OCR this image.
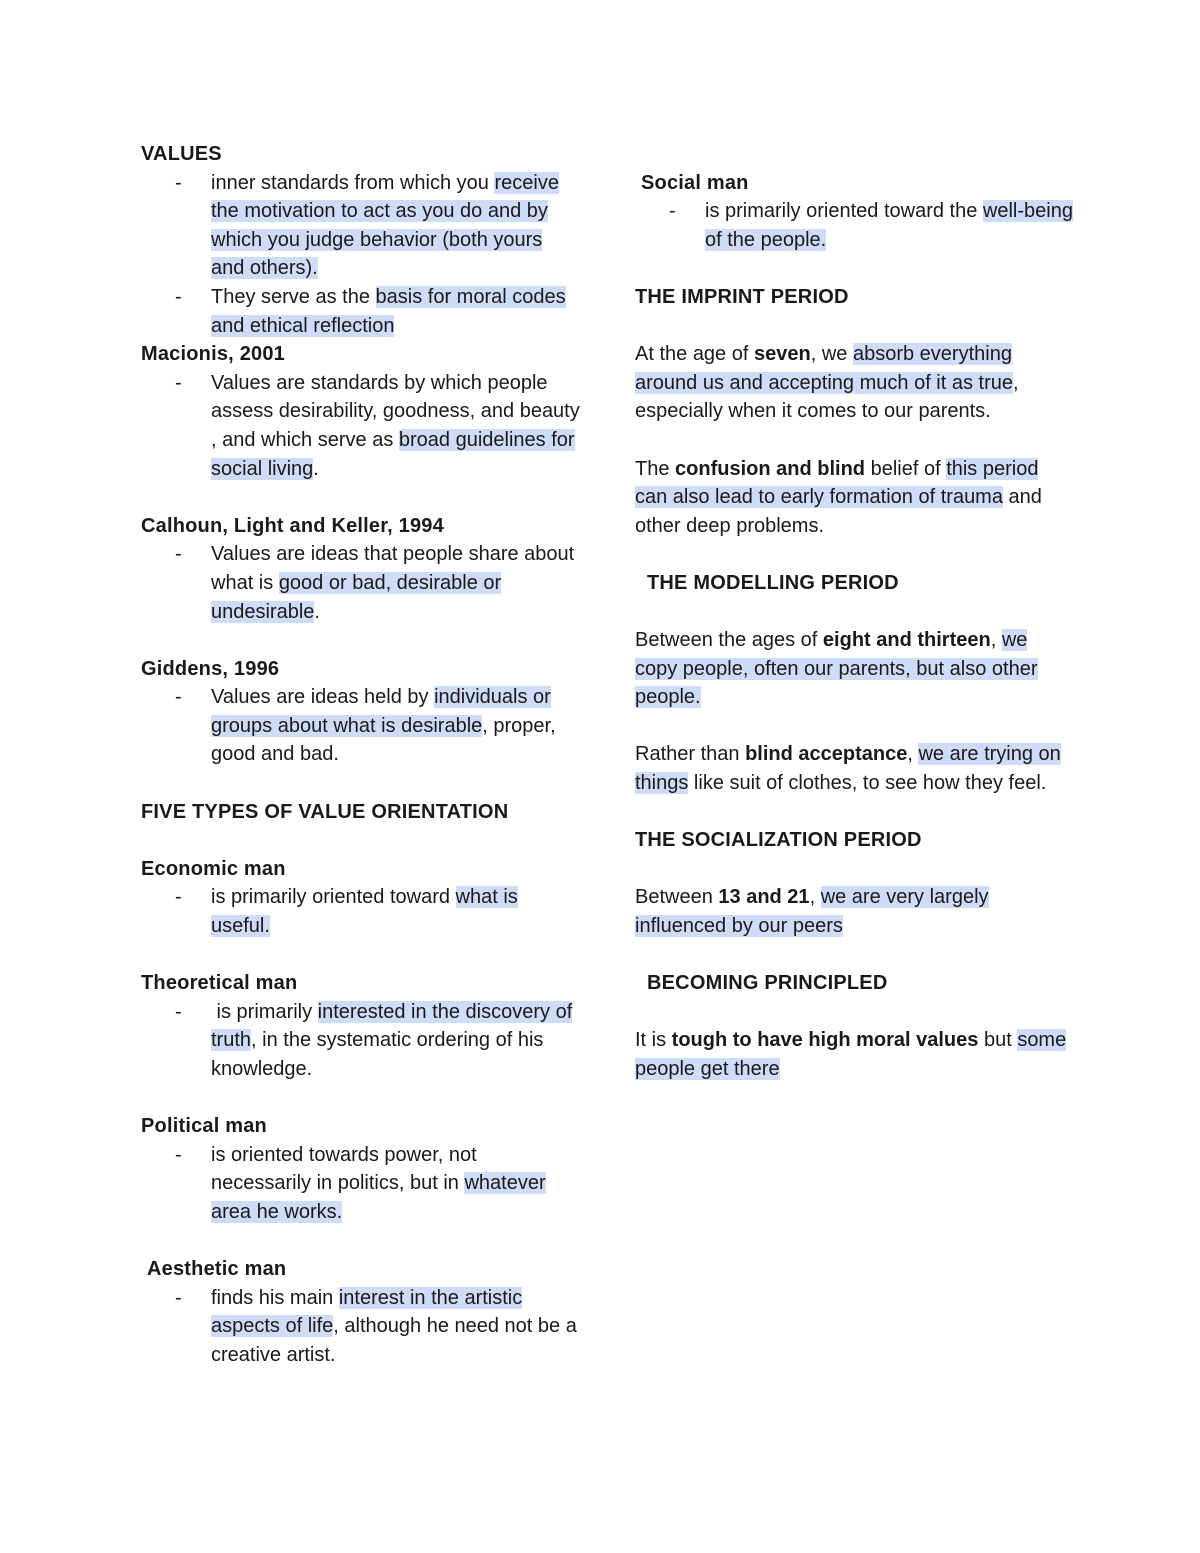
VALUES

- inner standards from which you receive the motivation to act as you do and by which you judge behavior (both yours and others).
- They serve as the basis for moral codes and ethical reflection

Macionis, 2001

- Values are standards by which people assess desirability, goodness, and beauty , and which serve as broad guidelines for social living.

Calhoun, Light and Keller, 1994

- Values are ideas that people share about what is good or bad, desirable or undesirable.

Giddens, 1996

- Values are ideas held by individuals or groups about what is desirable, proper, good and bad.

FIVE TYPES OF VALUE ORIENTATION

Economic man

- is primarily oriented toward what is useful.

Theoretical man

- is primarily interested in the discovery of truth, in the systematic ordering of his knowledge.

Political man

- is oriented towards power, not necessarily in politics, but in whatever area he works.

Aesthetic man

- finds his main interest in the artistic aspects of life, although he need not be a creative artist.

Social man

- is primarily oriented toward the well-being of the people.

THE IMPRINT PERIOD

At the age of seven, we absorb everything around us and accepting much of it as true, especially when it comes to our parents.

The confusion and blind belief of this period can also lead to early formation of trauma and other deep problems.

THE MODELLING PERIOD

Between the ages of eight and thirteen, we copy people, often our parents, but also other people.

Rather than blind acceptance, we are trying on things like suit of clothes, to see how they feel.

THE SOCIALIZATION PERIOD

Between 13 and 21, we are very largely influenced by our peers

BECOMING PRINCIPLED

It is tough to have high moral values but some people get there
